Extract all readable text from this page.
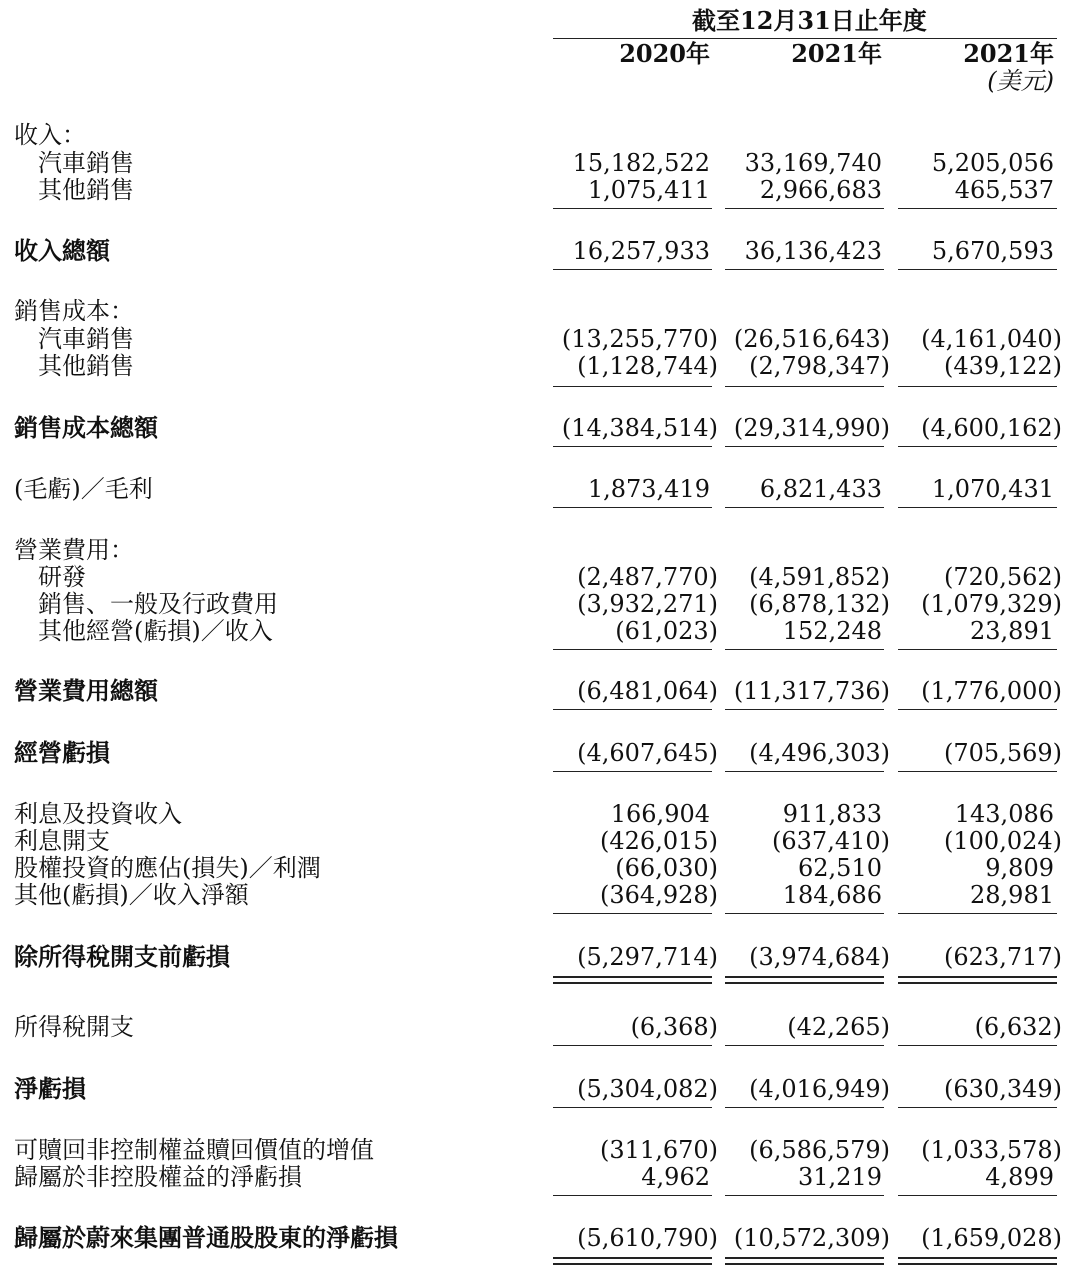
截至12月31日止年度
2020年	2021年	2021年
(美元)
收入：
汽車銷售	15,182,522 33,169,740 5,205,056
其他銷售	1,075,411 2,966,683	465,537
收入總額	16,257,933 36,136,423 5,670,593
銷售成本：
汽車銷售	(13,255,770) (26,516,643) (4,161,040)
其他銷售	(1,128,744) (2,798,347) (439,122)
銷售成本總額	(14,384,514) (29,314,990) (4,600,162)
(毛虧)／毛利	1,873,419 6,821,433 1,070,431
營業費用：
研發	(2,487,770) (4,591,852) (720,562)
銷售、一般及行政費用	(3,932,271) (6,878,132) (1,079,329)
其他經營(虧損)／收入	(61,023)	152,248	23,891
營業費用總額	(6,481,064) (11,317,736) (1,776,000)
經營虧損	(4,607,645) (4,496,303) (705,569)
利息及投資收入	166,904	911,833	143,086
利息開支	(426,015) (637,410) (100,024)
股權投資的應佔(損失)／利潤	(66,030)	62,510	9,809
其他(虧損)／收入淨額	(364,928)	184,686	28,981
除所得稅開支前虧損	(5,297,714) (3,974,684) (623,717)
所得稅開支	(6,368)	(42,265)	(6,632)
淨虧損	(5,304,082) (4,016,949) (630,349)
可贖回非控制權益贖回價值的增值	(311,670) (6,586,579) (1,033,578)
歸屬於非控股權益的淨虧損	4,962	31,219	4,899
歸屬於蔚來集團普通股股東的淨虧損	(5,610,790) (10,572,309) (1,659,028)
